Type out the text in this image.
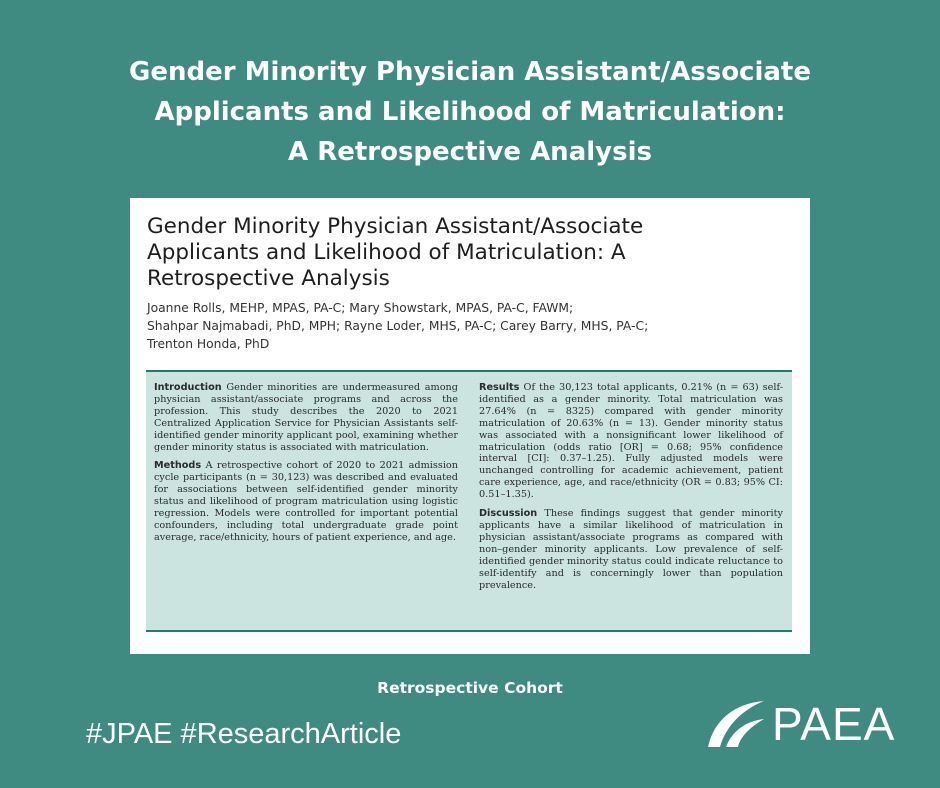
Gender Minority Physician Assistant/Associate
Applicants and Likelihood of Matriculation:
A Retrospective Analysis
Gender Minority Physician Assistant/Associate
Applicants and Likelihood of Matriculation: A
Retrospective Analysis
Joanne Rolls, MEHP, MPAS, PA-C; Mary Showstark, MPAS, PA-C, FAWM;
Shahpar Najmabadi, PhD, MPH; Rayne Loder, MHS, PA-C; Carey Barry, MHS, PA-C;
Trenton Honda, PhD

Introduction Gender minorities are undermeasured among physician assistant/associate programs and across the profession. This study describes the 2020 to 2021 Centralized Application Service for Physician Assistants self-identified gender minority applicant pool, examining whether gender minority status is associated with matriculation.

Methods A retrospective cohort of 2020 to 2021 admission cycle participants (n = 30,123) was described and evaluated for associations between self-identified gender minority status and likelihood of program matriculation using logistic regression. Models were controlled for important potential confounders, including total undergraduate grade point average, race/ethnicity, hours of patient experience, and age.

Results Of the 30,123 total applicants, 0.21% (n = 63) self-identified as a gender minority. Total matriculation was 27.64% (n = 8325) compared with gender minority matriculation of 20.63% (n = 13). Gender minority status was associated with a nonsignificant lower likelihood of matriculation (odds ratio [OR] = 0.68; 95% confidence interval [CI]: 0.37–1.25). Fully adjusted models were unchanged controlling for academic achievement, patient care experience, age, and race/ethnicity (OR = 0.83; 95% CI: 0.51–1.35).

Discussion These findings suggest that gender minority applicants have a similar likelihood of matriculation in physician assistant/associate programs as compared with non–gender minority applicants. Low prevalence of self-identified gender minority status could indicate reluctance to self-identify and is concerningly lower than population prevalence.

Retrospective Cohort
#JPAE #ResearchArticle	PAEA
